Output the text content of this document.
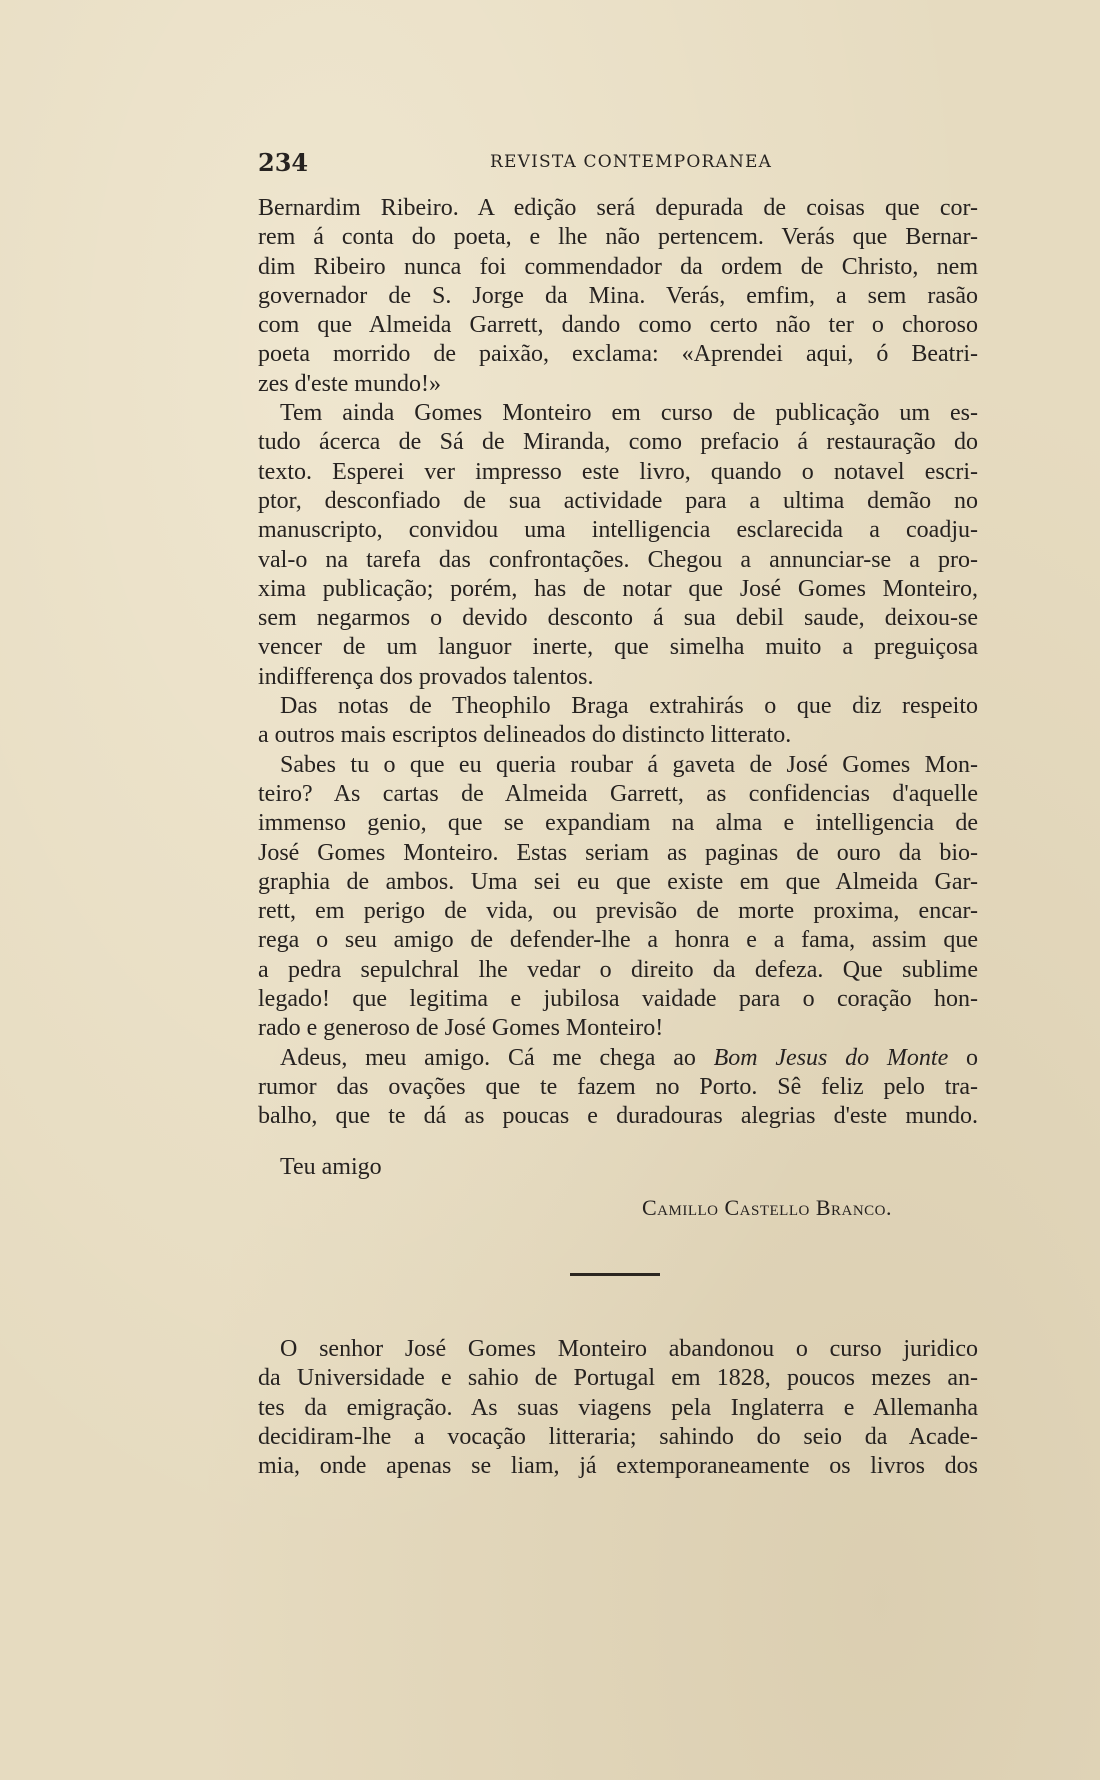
234	REVISTA CONTEMPORANEA
Bernardim Ribeiro. A edição será depurada de coisas que cor-
rem á conta do poeta, e lhe não pertencem. Verás que Bernar-
dim Ribeiro nunca foi commendador da ordem de Christo, nem
governador de S. Jorge da Mina. Verás, emfim, a sem rasão
com que Almeida Garrett, dando como certo não ter o choroso
poeta morrido de paixão, exclama: «Aprendei aqui, ó Beatri-
zes d'este mundo!»
Tem ainda Gomes Monteiro em curso de publicação um es-
tudo ácerca de Sá de Miranda, como prefacio á restauração do
texto. Esperei ver impresso este livro, quando o notavel escri-
ptor, desconfiado de sua actividade para a ultima demão no
manuscripto, convidou uma intelligencia esclarecida a coadju-
val-o na tarefa das confrontações. Chegou a annunciar-se a pro-
xima publicação; porém, has de notar que José Gomes Monteiro,
sem negarmos o devido desconto á sua debil saude, deixou-se
vencer de um languor inerte, que simelha muito a preguiçosa
indifferença dos provados talentos.
Das notas de Theophilo Braga extrahirás o que diz respeito
a outros mais escriptos delineados do distincto litterato.
Sabes tu o que eu queria roubar á gaveta de José Gomes Mon-
teiro? As cartas de Almeida Garrett, as confidencias d'aquelle
immenso genio, que se expandiam na alma e intelligencia de
José Gomes Monteiro. Estas seriam as paginas de ouro da bio-
graphia de ambos. Uma sei eu que existe em que Almeida Gar-
rett, em perigo de vida, ou previsão de morte proxima, encar-
rega o seu amigo de defender-lhe a honra e a fama, assim que
a pedra sepulchral lhe vedar o direito da defeza. Que sublime
legado! que legitima e jubilosa vaidade para o coração hon-
rado e generoso de José Gomes Monteiro!
Adeus, meu amigo. Cá me chega ao Bom Jesus do Monte o
rumor das ovações que te fazem no Porto. Sê feliz pelo tra-
balho, que te dá as poucas e duradouras alegrias d'este mundo.
Teu amigo
Camillo Castello Branco.
O senhor José Gomes Monteiro abandonou o curso juridico
da Universidade e sahio de Portugal em 1828, poucos mezes an-
tes da emigração. As suas viagens pela Inglaterra e Allemanha
decidiram-lhe a vocação litteraria; sahindo do seio da Acade-
mia, onde apenas se liam, já extemporaneamente os livros dos
